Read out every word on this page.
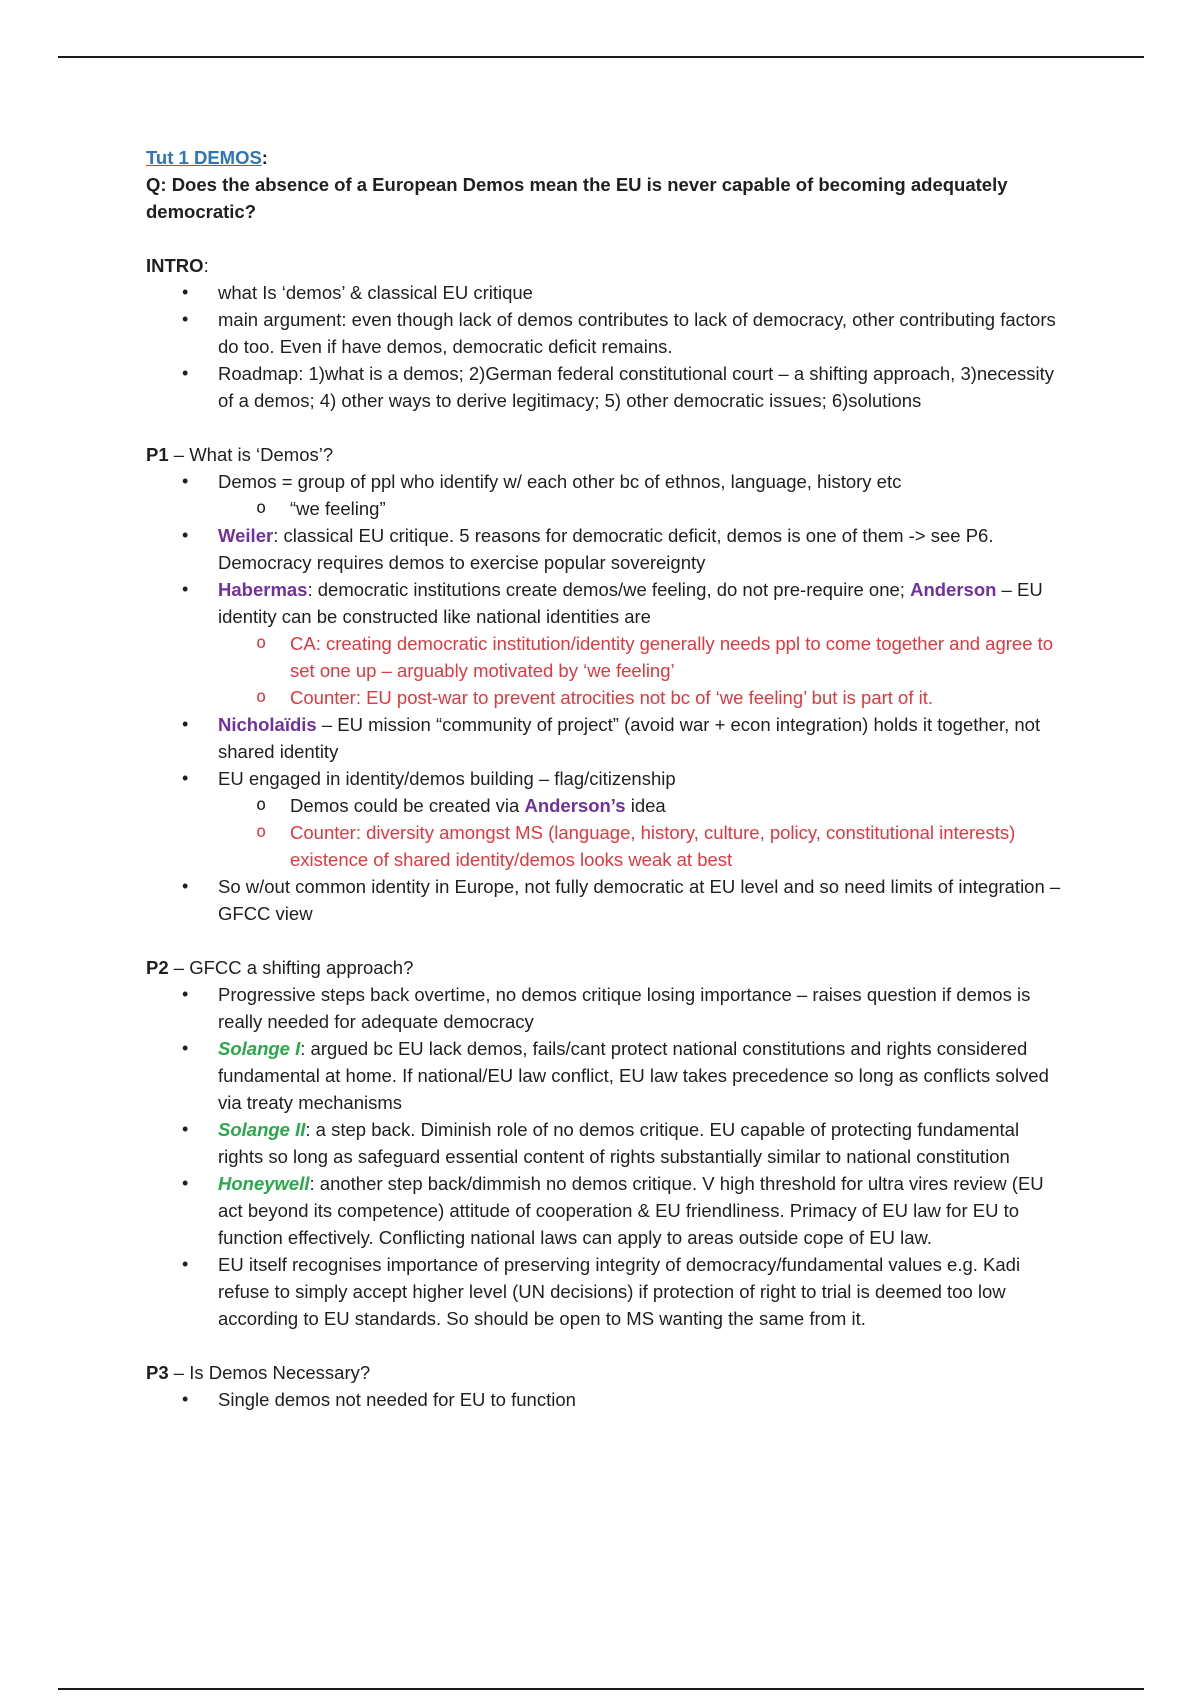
Tut 1 DEMOS:

Q: Does the absence of a European Demos mean the EU is never capable of becoming adequately democratic?

INTRO:

• what Is ‘demos’ & classical EU critique
• main argument: even though lack of demos contributes to lack of democracy, other contributing factors do too. Even if have demos, democratic deficit remains.
• Roadmap: 1)what is a demos; 2)German federal constitutional court – a shifting approach, 3)necessity of a demos; 4) other ways to derive legitimacy; 5) other democratic issues; 6)solutions

P1 – What is ‘Demos’?

• Demos = group of ppl who identify w/ each other bc of ethnos, language, history etc
o “we feeling”
• Weiler: classical EU critique. 5 reasons for democratic deficit, demos is one of them -> see P6. Democracy requires demos to exercise popular sovereignty
• Habermas: democratic institutions create demos/we feeling, do not pre-require one; Anderson – EU identity can be constructed like national identities are
o CA: creating democratic institution/identity generally needs ppl to come together and agree to set one up – arguably motivated by ‘we feeling’
o Counter: EU post-war to prevent atrocities not bc of ‘we feeling’ but is part of it.
• Nicholaïdis – EU mission “community of project” (avoid war + econ integration) holds it together, not shared identity
• EU engaged in identity/demos building – flag/citizenship
o Demos could be created via Anderson’s idea
o Counter: diversity amongst MS (language, history, culture, policy, constitutional interests) existence of shared identity/demos looks weak at best
• So w/out common identity in Europe, not fully democratic at EU level and so need limits of integration – GFCC view

P2 – GFCC a shifting approach?

• Progressive steps back overtime, no demos critique losing importance – raises question if demos is really needed for adequate democracy
• Solange I: argued bc EU lack demos, fails/cant protect national constitutions and rights considered fundamental at home. If national/EU law conflict, EU law takes precedence so long as conflicts solved via treaty mechanisms
• Solange II: a step back. Diminish role of no demos critique. EU capable of protecting fundamental rights so long as safeguard essential content of rights substantially similar to national constitution
• Honeywell: another step back/dimmish no demos critique. V high threshold for ultra vires review (EU act beyond its competence) attitude of cooperation & EU friendliness. Primacy of EU law for EU to function effectively. Conflicting national laws can apply to areas outside cope of EU law.
• EU itself recognises importance of preserving integrity of democracy/fundamental values e.g. Kadi refuse to simply accept higher level (UN decisions) if protection of right to trial is deemed too low according to EU standards. So should be open to MS wanting the same from it.

P3 – Is Demos Necessary?

• Single demos not needed for EU to function
